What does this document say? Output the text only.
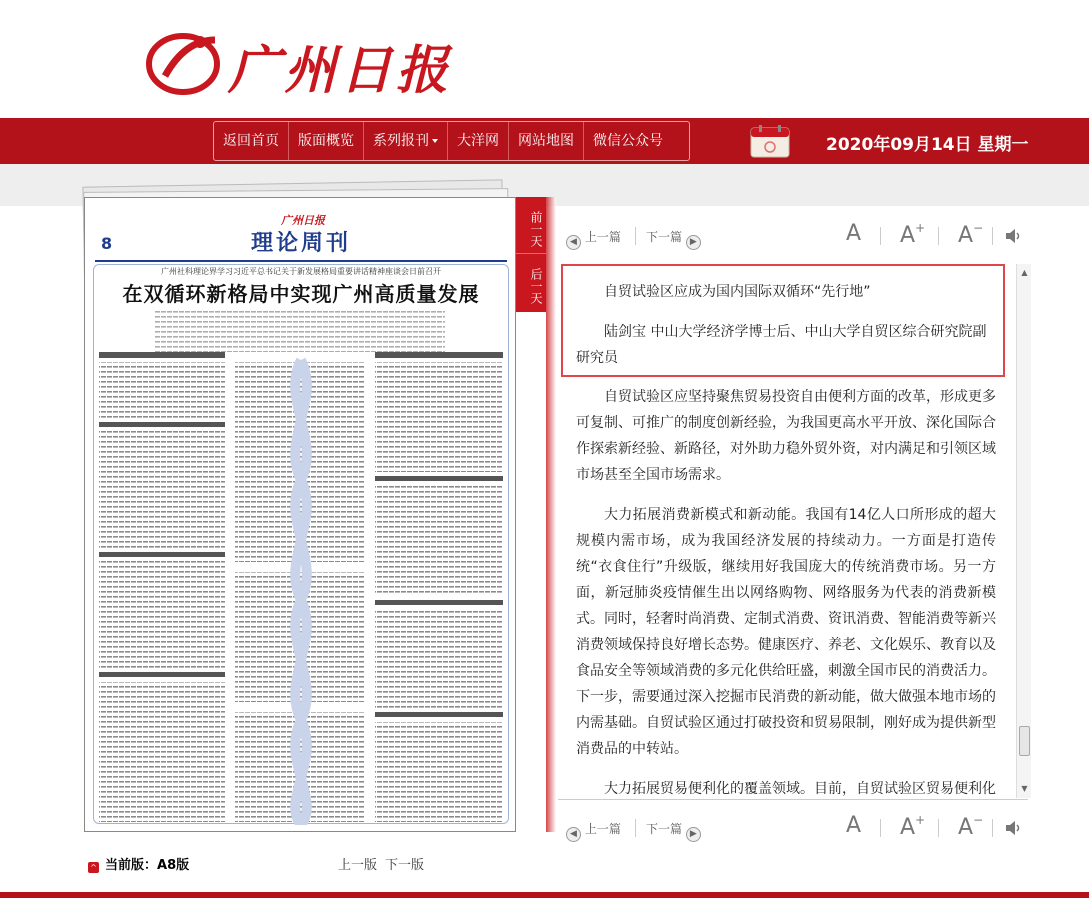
广州日报
返回首页	版面概览	系列报刊	大洋网	网站地图	微信公众号	2020年09月14日 星期一
广州日报
8	理论周刊
广州社科理论界学习习近平总书记关于新发展格局重要讲话精神座谈会日前召开
在双循环新格局中实现广州高质量发展
前一天
后一天
^ 当前版：A8版	上一版 下一版
◀ 上一篇 下一篇 ▶	A A+ A−
自贸试验区应成为国内国际双循环“先行地”
陆剑宝 中山大学经济学博士后、中山大学自贸区综合研究院副研究员

自贸试验区应坚持聚焦贸易投资自由便利方面的改革，形成更多可复制、可推广的制度创新经验，为我国更高水平开放、深化国际合作探索新经验、新路径，对外助力稳外贸外资，对内满足和引领区域市场甚至全国市场需求。

大力拓展消费新模式和新动能。我国有14亿人口所形成的超大规模内需市场，成为我国经济发展的持续动力。一方面是打造传统“衣食住行”升级版，继续用好我国庞大的传统消费市场。另一方面，新冠肺炎疫情催生出以网络购物、网络服务为代表的消费新模式。同时，轻奢时尚消费、定制式消费、资讯消费、智能消费等新兴消费领域保持良好增长态势。健康医疗、养老、文化娱乐、教育以及食品安全等领域消费的多元化供给旺盛，刺激全国市民的消费活力。下一步，需要通过深入挖掘市民消费的新动能，做大做强本地市场的内需基础。自贸试验区通过打破投资和贸易限制，刚好成为提供新型消费品的中转站。

大力拓展贸易便利化的覆盖领域。目前，自贸试验区贸易便利化

▲
▼
◀ 上一篇 下一篇 ▶	A A+ A−
